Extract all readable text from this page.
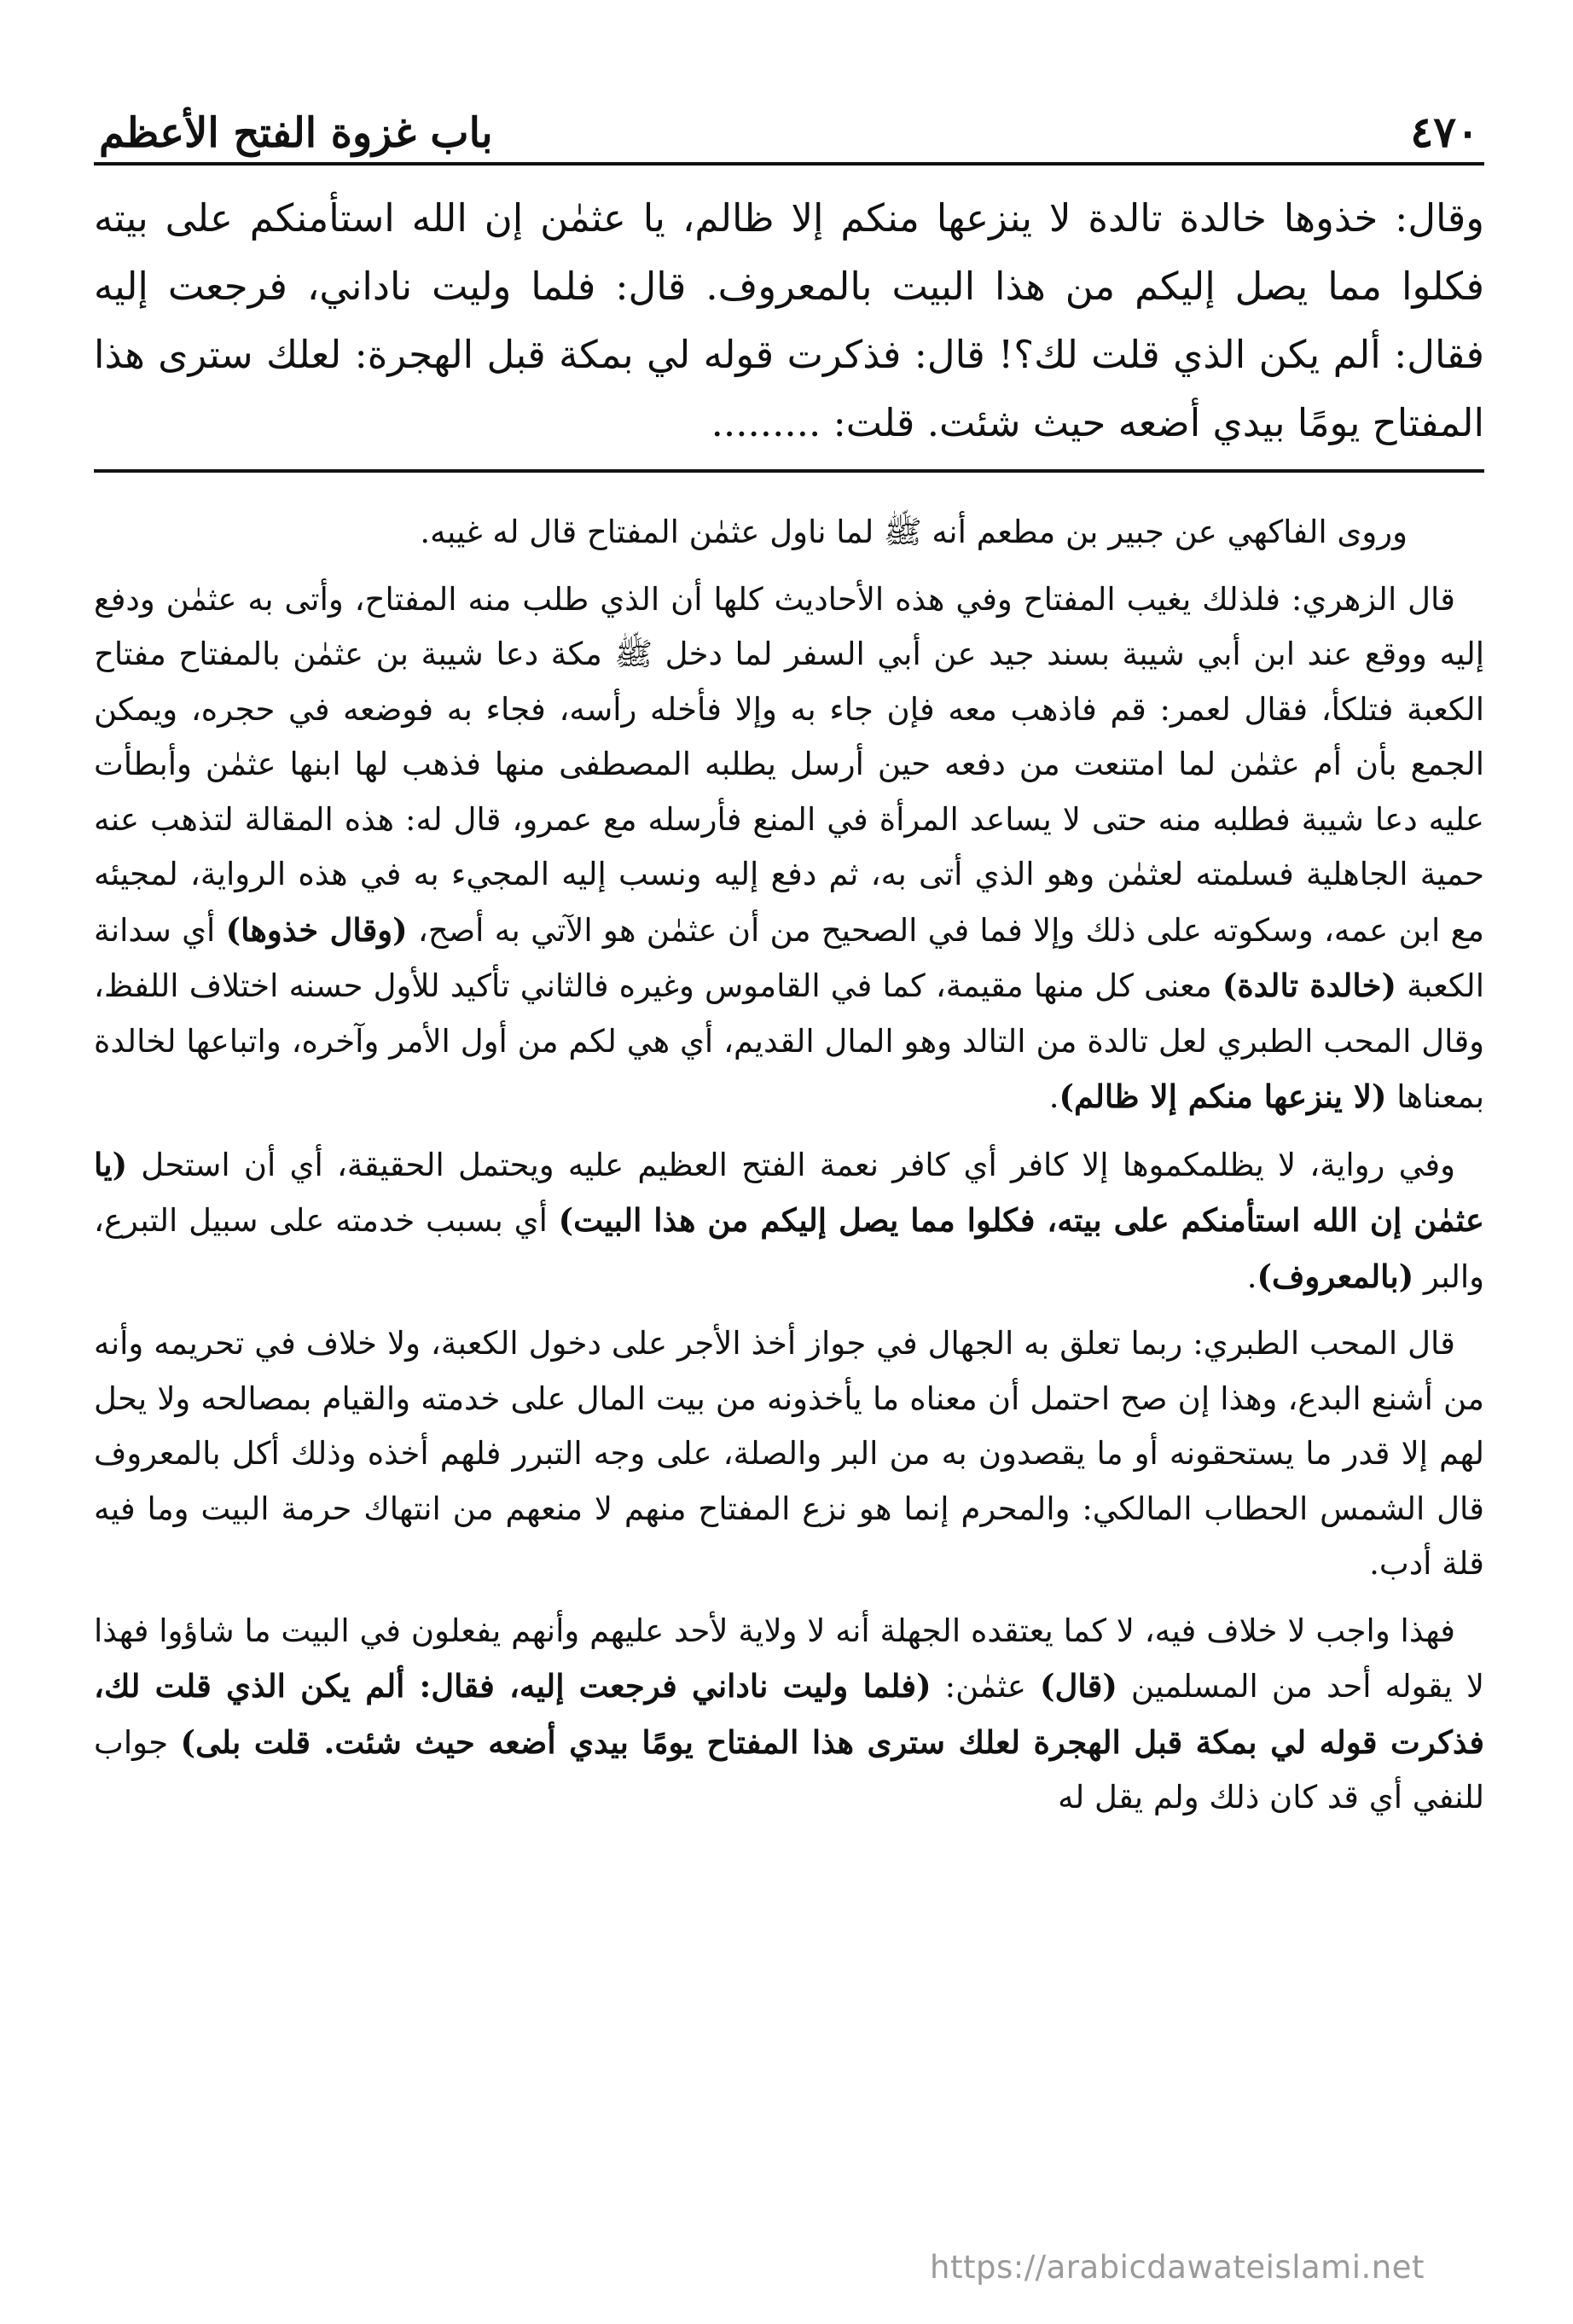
٤٧٠
باب غزوة الفتح الأعظم
وقال: خذوها خالدة تالدة لا ينزعها منكم إلا ظالم، يا عثمٰن إن الله استأمنكم على بيته فكلوا مما يصل إليكم من هذا البيت بالمعروف. قال: فلما وليت ناداني، فرجعت إليه فقال: ألم يكن الذي قلت لك؟! قال: فذكرت قوله لي بمكة قبل الهجرة: لعلك سترى هذا المفتاح يومًا بيدي أضعه حيث شئت. قلت: .........

وروى الفاكهي عن جبير بن مطعم أنه ﷺ لما ناول عثمٰن المفتاح قال له غيبه.

قال الزهري: فلذلك يغيب المفتاح وفي هذه الأحاديث كلها أن الذي طلب منه المفتاح، وأتى به عثمٰن ودفع إليه ووقع عند ابن أبي شيبة بسند جيد عن أبي السفر لما دخل ﷺ مكة دعا شيبة بن عثمٰن بالمفتاح مفتاح الكعبة فتلكأ، فقال لعمر: قم فاذهب معه فإن جاء به وإلا فأخله رأسه، فجاء به فوضعه في حجره، ويمكن الجمع بأن أم عثمٰن لما امتنعت من دفعه حين أرسل يطلبه المصطفى منها فذهب لها ابنها عثمٰن وأبطأت عليه دعا شيبة فطلبه منه حتى لا يساعد المرأة في المنع فأرسله مع عمرو، قال له: هذه المقالة لتذهب عنه حمية الجاهلية فسلمته لعثمٰن وهو الذي أتى به، ثم دفع إليه ونسب إليه المجيء به في هذه الرواية، لمجيئه مع ابن عمه، وسكوته على ذلك وإلا فما في الصحيح من أن عثمٰن هو الآتي به أصح، (وقال خذوها) أي سدانة الكعبة (خالدة تالدة) معنى كل منها مقيمة، كما في القاموس وغيره فالثاني تأكيد للأول حسنه اختلاف اللفظ، وقال المحب الطبري لعل تالدة من التالد وهو المال القديم، أي هي لكم من أول الأمر وآخره، واتباعها لخالدة بمعناها (لا ينزعها منكم إلا ظالم).

وفي رواية، لا يظلمكموها إلا كافر أي كافر نعمة الفتح العظيم عليه ويحتمل الحقيقة، أي أن استحل (يا عثمٰن إن الله استأمنكم على بيته، فكلوا مما يصل إليكم من هذا البيت) أي بسبب خدمته على سبيل التبرع، والبر (بالمعروف).

قال المحب الطبري: ربما تعلق به الجهال في جواز أخذ الأجر على دخول الكعبة، ولا خلاف في تحريمه وأنه من أشنع البدع، وهذا إن صح احتمل أن معناه ما يأخذونه من بيت المال على خدمته والقيام بمصالحه ولا يحل لهم إلا قدر ما يستحقونه أو ما يقصدون به من البر والصلة، على وجه التبرر فلهم أخذه وذلك أكل بالمعروف قال الشمس الحطاب المالكي: والمحرم إنما هو نزع المفتاح منهم لا منعهم من انتهاك حرمة البيت وما فيه قلة أدب.

فهذا واجب لا خلاف فيه، لا كما يعتقده الجهلة أنه لا ولاية لأحد عليهم وأنهم يفعلون في البيت ما شاؤوا فهذا لا يقوله أحد من المسلمين (قال) عثمٰن: (فلما وليت ناداني فرجعت إليه، فقال: ألم يكن الذي قلت لك، فذكرت قوله لي بمكة قبل الهجرة لعلك سترى هذا المفتاح يومًا بيدي أضعه حيث شئت. قلت بلى) جواب للنفي أي قد كان ذلك ولم يقل له

https://arabicdawateislami.net
